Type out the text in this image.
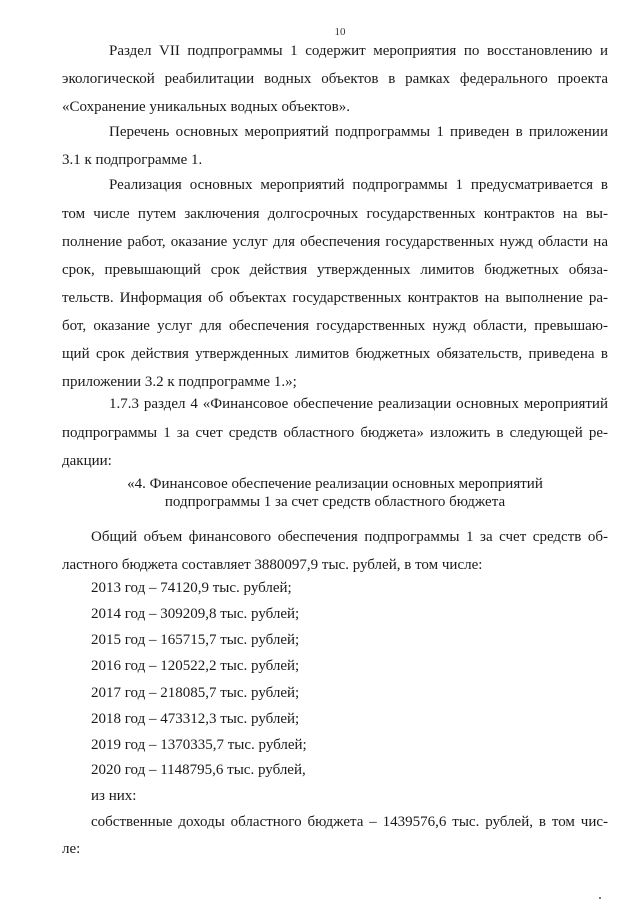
10
Раздел VII подпрограммы 1 содержит мероприятия по восстановлению и
экологической реабилитации водных объектов в рамках федерального проекта
«Сохранение уникальных водных объектов».
Перечень основных мероприятий подпрограммы 1 приведен в приложении
3.1 к подпрограмме 1.
Реализация основных мероприятий подпрограммы 1 предусматривается в
том числе путем заключения долгосрочных государственных контрактов на вы-
полнение работ, оказание услуг для обеспечения государственных нужд области на
срок, превышающий срок действия утвержденных лимитов бюджетных обяза-
тельств. Информация об объектах государственных контрактов на выполнение ра-
бот, оказание услуг для обеспечения государственных нужд области, превышаю-
щий срок действия утвержденных лимитов бюджетных обязательств, приведена в
приложении 3.2 к подпрограмме 1.»;
1.7.3 раздел 4 «Финансовое обеспечение реализации основных мероприятий
подпрограммы 1 за счет средств областного бюджета» изложить в следующей ре-
дакции:
«4. Финансовое обеспечение реализации основных мероприятий
подпрограммы 1 за счет средств областного бюджета
Общий объем финансового обеспечения подпрограммы 1 за счет средств об-
ластного бюджета составляет 3880097,9 тыс. рублей, в том числе:
2013 год – 74120,9 тыс. рублей;
2014 год – 309209,8 тыс. рублей;
2015 год – 165715,7 тыс. рублей;
2016 год – 120522,2 тыс. рублей;
2017 год – 218085,7 тыс. рублей;
2018 год – 473312,3 тыс. рублей;
2019 год – 1370335,7 тыс. рублей;
2020 год – 1148795,6 тыс. рублей,
из них:
собственные доходы областного бюджета – 1439576,6 тыс. рублей, в том чис-
ле:
